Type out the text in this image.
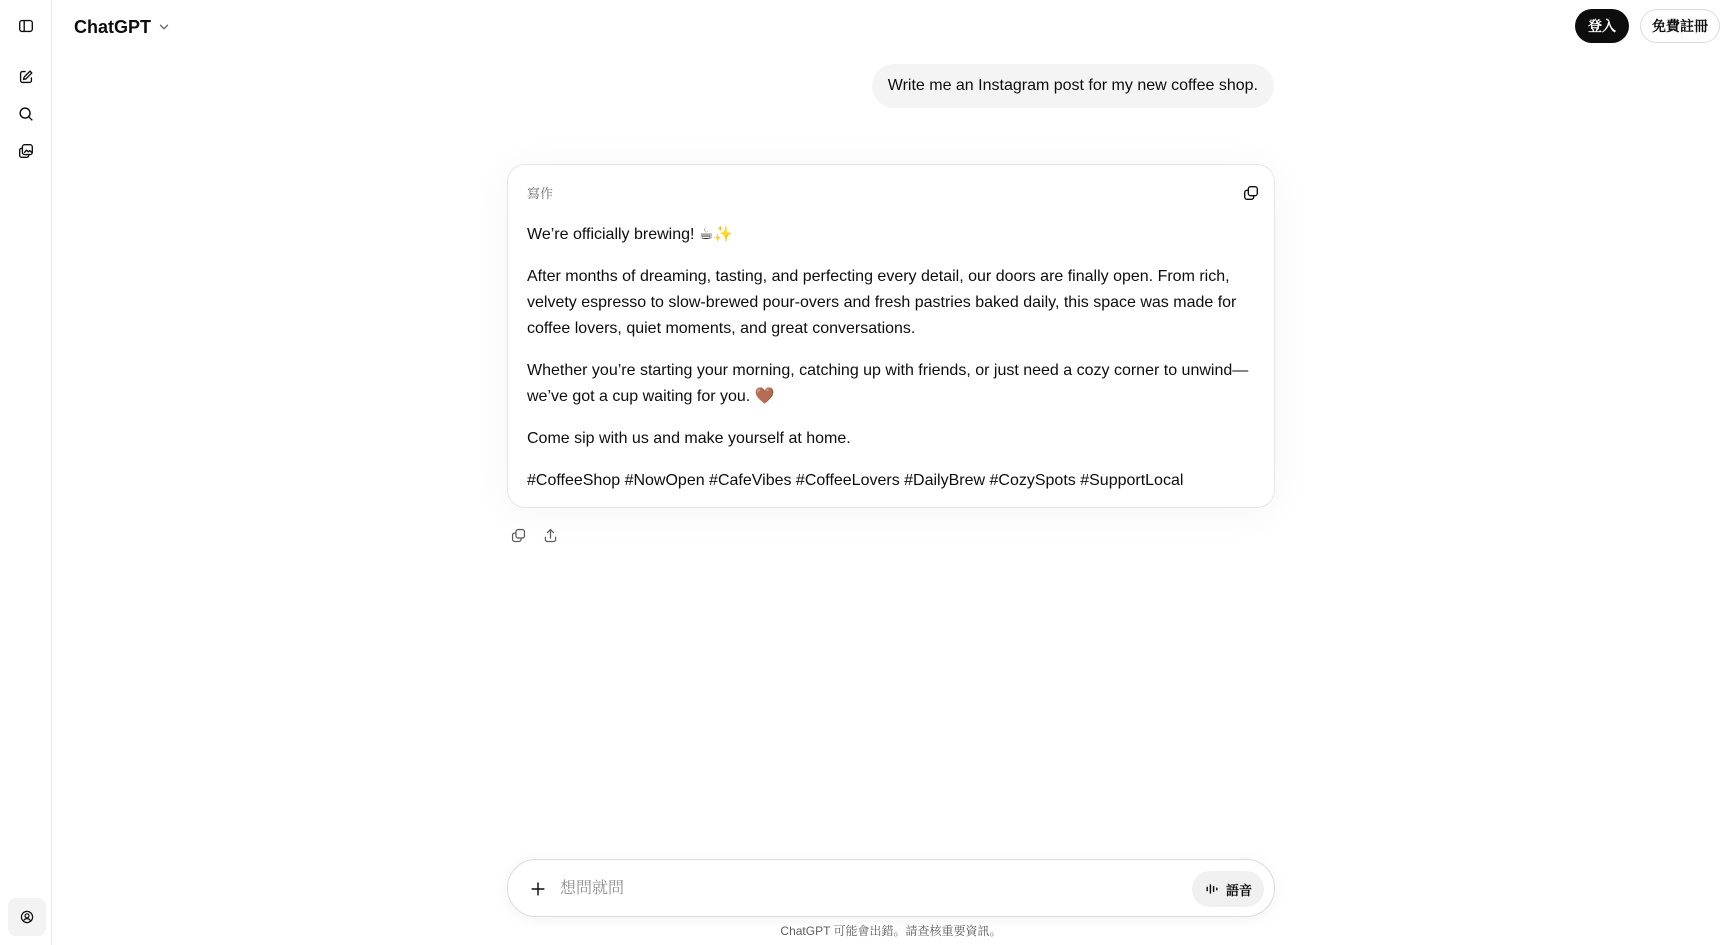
ChatGPT	登入	免費註冊
Write me an Instagram post for my new coffee shop.
寫作

We’re officially brewing! ☕✨

After months of dreaming, tasting, and perfecting every detail, our doors are finally open. From rich, velvety espresso to slow-brewed pour-overs and fresh pastries baked daily, this space was made for coffee lovers, quiet moments, and great conversations.

Whether you’re starting your morning, catching up with friends, or just need a cozy corner to unwind—we’ve got a cup waiting for you. 🤎

Come sip with us and make yourself at home.

#CoffeeShop #NowOpen #CafeVibes #CoffeeLovers #DailyBrew #CozySpots #SupportLocal

想問就問
語音
ChatGPT 可能會出錯。請查核重要資訊。
